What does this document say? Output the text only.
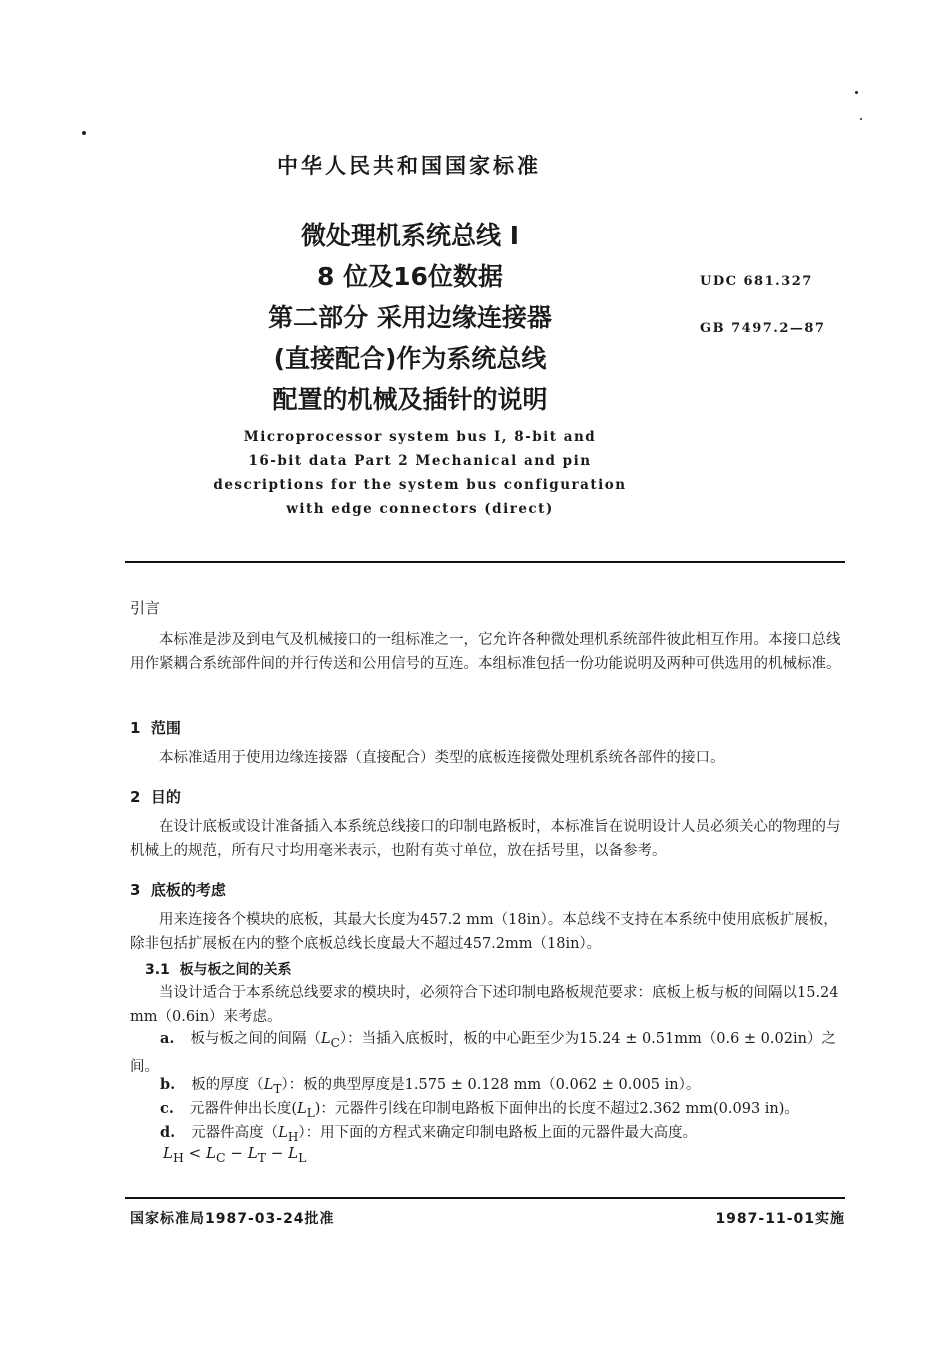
中华人民共和国国家标准
微处理机系统总线 I
8 位及16位数据
第二部分 采用边缘连接器
(直接配合)作为系统总线
配置的机械及插针的说明
Microprocessor system bus I, 8-bit and
16-bit data Part 2 Mechanical and pin
descriptions for the system bus configuration
with edge connectors (direct)
UDC 681.327
GB 7497.2—87
引言
本标准是涉及到电气及机械接口的一组标准之一，它允许各种微处理机系统部件彼此相互作用。本接口总线用作紧耦合系统部件间的并行传送和公用信号的互连。本组标准包括一份功能说明及两种可供选用的机械标准。
1 范围
本标准适用于使用边缘连接器（直接配合）类型的底板连接微处理机系统各部件的接口。
2 目的
在设计底板或设计准备插入本系统总线接口的印制电路板时，本标准旨在说明设计人员必须关心的物理的与机械上的规范，所有尺寸均用毫米表示，也附有英寸单位，放在括号里，以备参考。
3 底板的考虑
用来连接各个模块的底板，其最大长度为457.2 mm（18in）。本总线不支持在本系统中使用底板扩展板，除非包括扩展板在内的整个底板总线长度最大不超过457.2mm（18in）。
3.1 板与板之间的关系
当设计适合于本系统总线要求的模块时，必须符合下述印制电路板规范要求：底板上板与板的间隔以15.24 mm（0.6in）来考虑。
a. 板与板之间的间隔$(L_C)$：当插入底板时，板的中心距至少为15.24 ± 0.51mm（0.6 ± 0.02in）之间。
b. 板的厚度$(L_T)$：板的典型厚度是1.575 ± 0.128 mm（0.062 ± 0.005 in）。
c. 元器件伸出长度$(L_L)$：元器件引线在印制电路板下面伸出的长度不超过2.362 mm(0.093 in)。
d. 元器件高度$(L_H)$：用下面的方程式来确定印制电路板上面的元器件最大高度。
$L_H < L_C - L_T - L_L$
国家标准局1987-03-24批准	1987-11-01实施
